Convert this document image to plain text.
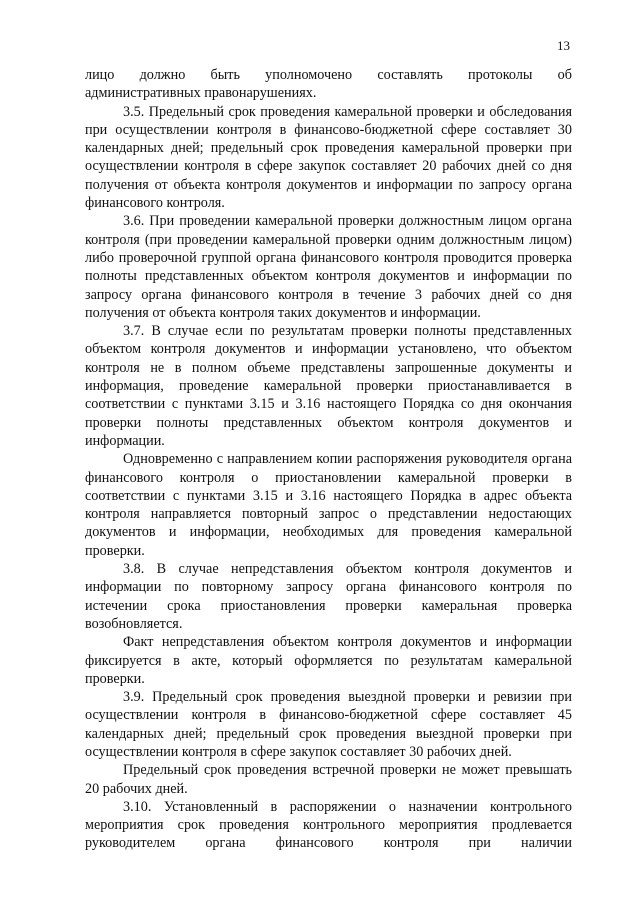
13

лицо должно быть уполномочено составлять протоколы об

административных правонарушениях.

3.5. Предельный срок проведения камеральной проверки и обследования при осуществлении контроля в финансово-бюджетной сфере составляет 30 календарных дней; предельный срок проведения камеральной проверки при осуществлении контроля в сфере закупок составляет 20 рабочих дней со дня получения от объекта контроля документов и информации по запросу органа финансового контроля.

3.6. При проведении камеральной проверки должностным лицом органа контроля (при проведении камеральной проверки одним должностным лицом) либо проверочной группой органа финансового контроля проводится проверка полноты представленных объектом контроля документов и информации по запросу органа финансового контроля в течение 3 рабочих дней со дня получения от объекта контроля таких документов и информации.

3.7. В случае если по результатам проверки полноты представленных объектом контроля документов и информации установлено, что объектом контроля не в полном объеме представлены запрошенные документы и информация, проведение камеральной проверки приостанавливается в соответствии с пунктами 3.15 и 3.16 настоящего Порядка со дня окончания проверки полноты представленных объектом контроля документов и информации.

Одновременно с направлением копии распоряжения руководителя органа финансового контроля о приостановлении камеральной проверки в соответствии с пунктами 3.15 и 3.16 настоящего Порядка в адрес объекта контроля направляется повторный запрос о представлении недостающих документов и информации, необходимых для проведения камеральной проверки.

3.8. В случае непредставления объектом контроля документов и информации по повторному запросу органа финансового контроля по истечении срока приостановления проверки камеральная проверка возобновляется.

Факт непредставления объектом контроля документов и информации фиксируется в акте, который оформляется по результатам камеральной проверки.

3.9. Предельный срок проведения выездной проверки и ревизии при осуществлении контроля в финансово-бюджетной сфере составляет 45 календарных дней; предельный срок проведения выездной проверки при осуществлении контроля в сфере закупок составляет 30 рабочих дней.

Предельный срок проведения встречной проверки не может превышать 20 рабочих дней.

3.10. Установленный в распоряжении о назначении контрольного мероприятия срок проведения контрольного мероприятия продлевается руководителем органа финансового контроля при наличии
